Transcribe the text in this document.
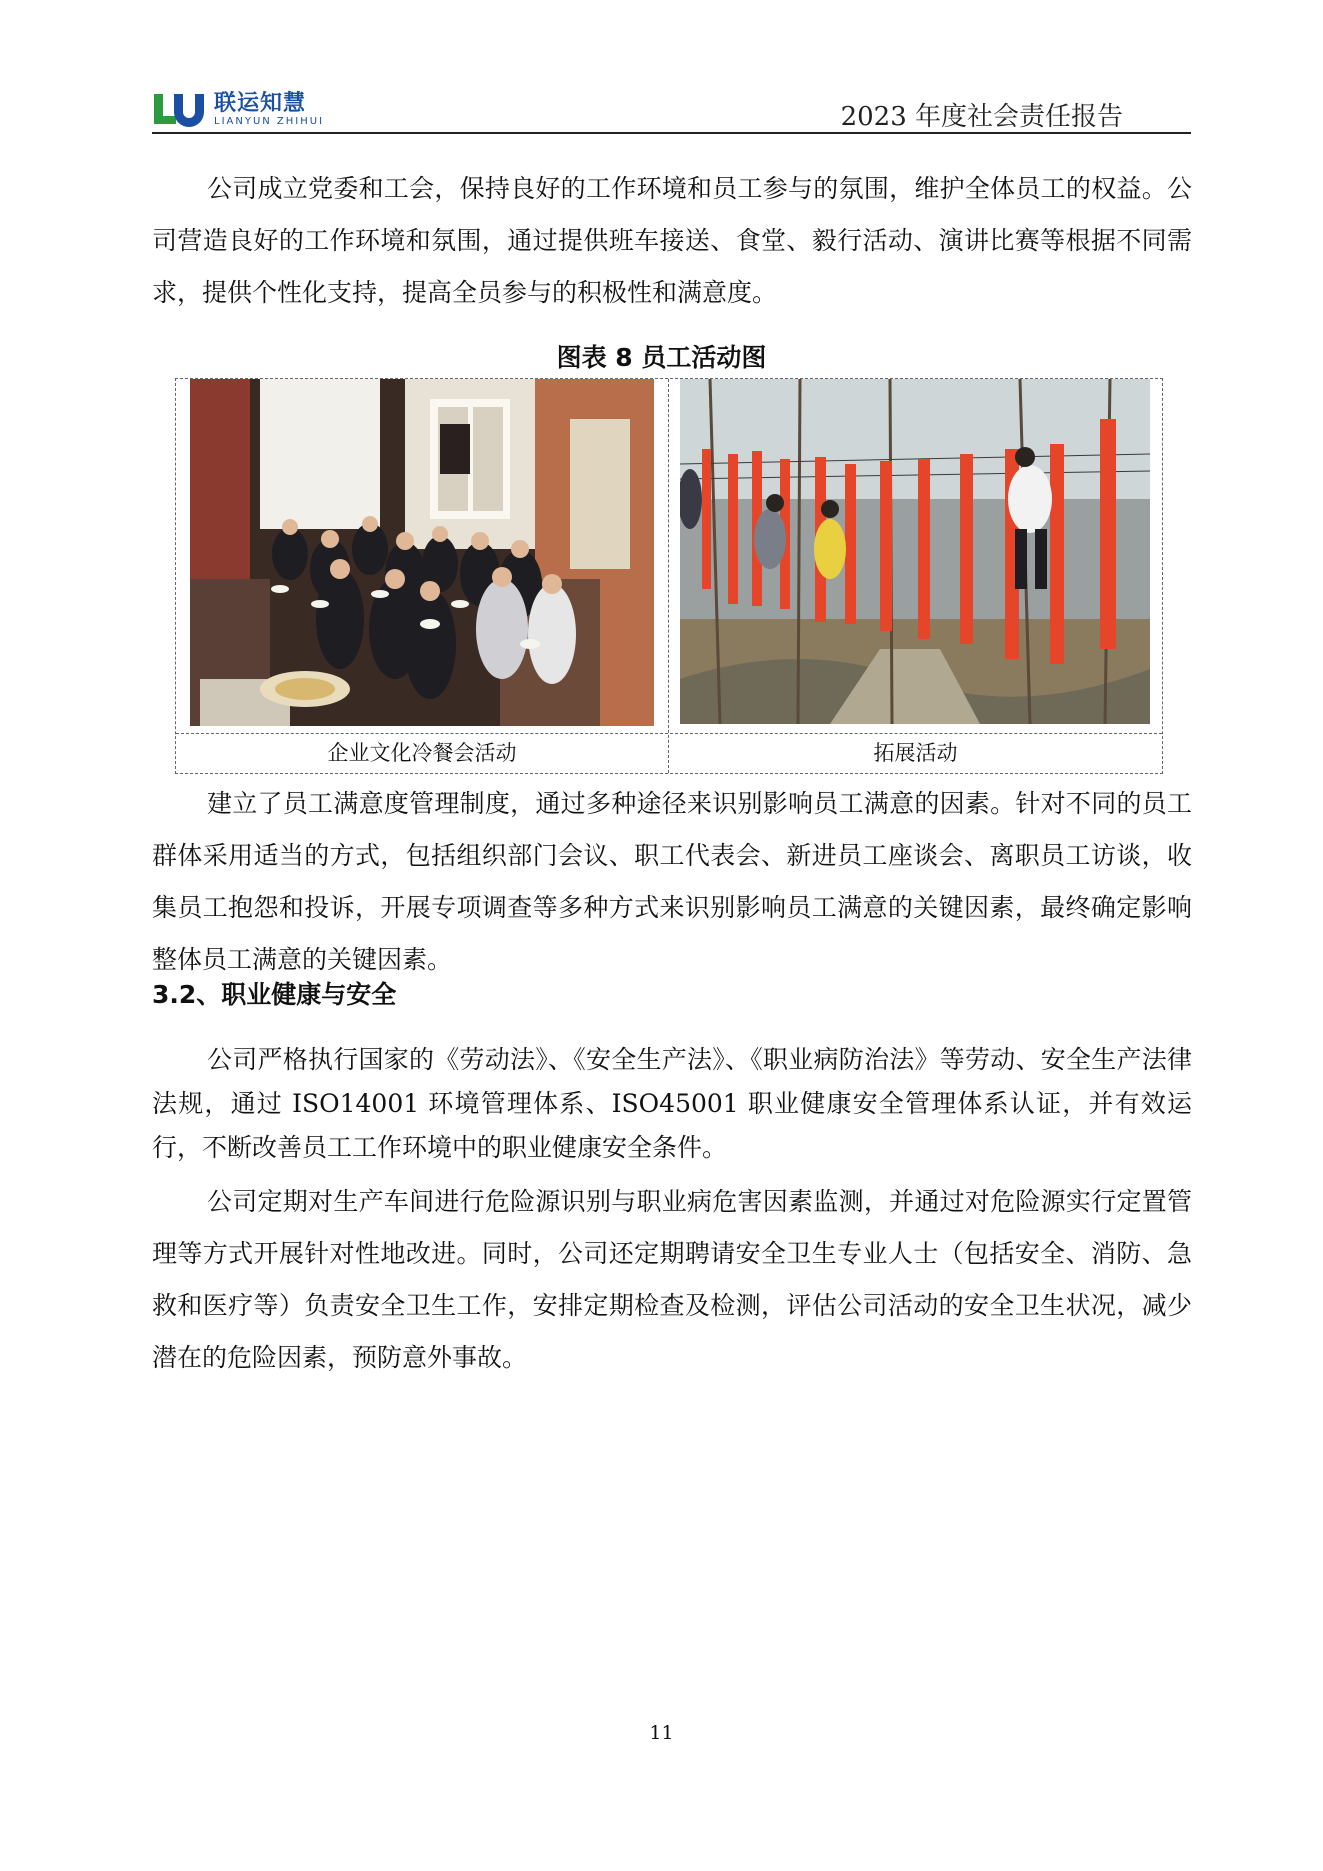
联运知慧
LIANYUN ZHIHUI	2023 年度社会责任报告

公司成立党委和工会，保持良好的工作环境和员工参与的氛围，维护全体员工的权益。公司营造良好的工作环境和氛围，通过提供班车接送、食堂、毅行活动、演讲比赛等根据不同需求，提供个性化支持，提高全员参与的积极性和满意度。

图表 8 员工活动图
企业文化冷餐会活动	拓展活动

建立了员工满意度管理制度，通过多种途径来识别影响员工满意的因素。针对不同的员工群体采用适当的方式，包括组织部门会议、职工代表会、新进员工座谈会、离职员工访谈，收集员工抱怨和投诉，开展专项调查等多种方式来识别影响员工满意的关键因素，最终确定影响整体员工满意的关键因素。

3.2、职业健康与安全

公司严格执行国家的《劳动法》、《安全生产法》、《职业病防治法》等劳动、安全生产法律法规，通过 ISO14001 环境管理体系、ISO45001 职业健康安全管理体系认证，并有效运行，不断改善员工工作环境中的职业健康安全条件。

公司定期对生产车间进行危险源识别与职业病危害因素监测，并通过对危险源实行定置管理等方式开展针对性地改进。同时，公司还定期聘请安全卫生专业人士（包括安全、消防、急救和医疗等）负责安全卫生工作，安排定期检查及检测，评估公司活动的安全卫生状况，减少潜在的危险因素，预防意外事故。

11
